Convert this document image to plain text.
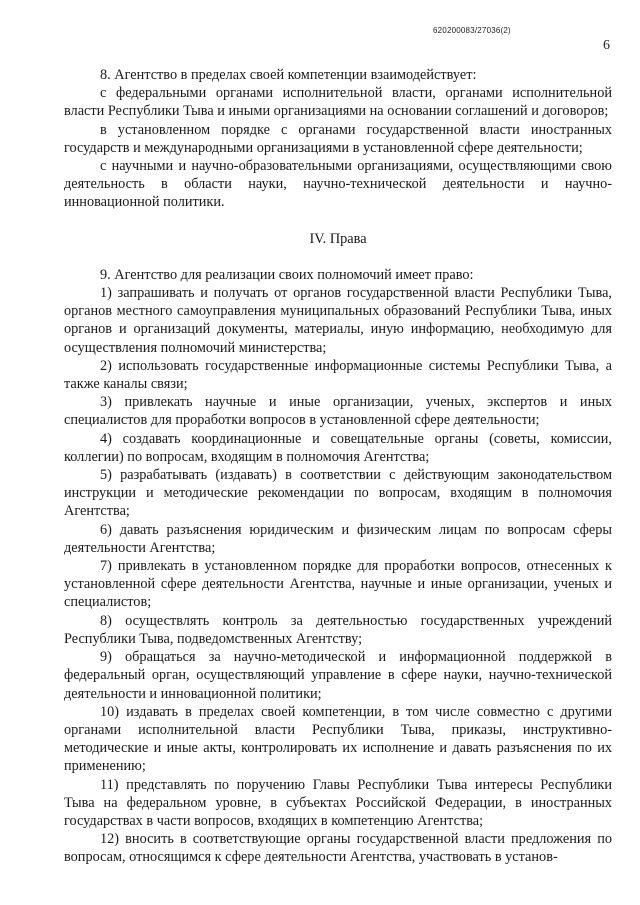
620200083/27036(2)
6

8. Агентство в пределах своей компетенции взаимодействует:

с федеральными органами исполнительной власти, органами исполнительной власти Республики Тыва и иными организациями на основании соглашений и договоров;

в установленном порядке с органами государственной власти иностранных государств и международными организациями в установленной сфере деятельности;

с научными и научно-образовательными организациями, осуществляющими свою деятельность в области науки, научно-технической деятельности и научно-инновационной политики.

IV. Права

9. Агентство для реализации своих полномочий имеет право:

1) запрашивать и получать от органов государственной власти Республики Тыва, органов местного самоуправления муниципальных образований Республики Тыва, иных органов и организаций документы, материалы, иную информацию, необходимую для осуществления полномочий министерства;

2) использовать государственные информационные системы Республики Тыва, а также каналы связи;

3) привлекать научные и иные организации, ученых, экспертов и иных специалистов для проработки вопросов в установленной сфере деятельности;

4) создавать координационные и совещательные органы (советы, комиссии, коллегии) по вопросам, входящим в полномочия Агентства;

5) разрабатывать (издавать) в соответствии с действующим законодательством инструкции и методические рекомендации по вопросам, входящим в полномочия Агентства;

6) давать разъяснения юридическим и физическим лицам по вопросам сферы деятельности Агентства;

7) привлекать в установленном порядке для проработки вопросов, отнесенных к установленной сфере деятельности Агентства, научные и иные организации, ученых и специалистов;

8) осуществлять контроль за деятельностью государственных учреждений Республики Тыва, подведомственных Агентству;

9) обращаться за научно-методической и информационной поддержкой в федеральный орган, осуществляющий управление в сфере науки, научно-технической деятельности и инновационной политики;

10) издавать в пределах своей компетенции, в том числе совместно с другими органами исполнительной власти Республики Тыва, приказы, инструктивно-методические и иные акты, контролировать их исполнение и давать разъяснения по их применению;

11) представлять по поручению Главы Республики Тыва интересы Республики Тыва на федеральном уровне, в субъектах Российской Федерации, в иностранных государствах в части вопросов, входящих в компетенцию Агентства;

12) вносить в соответствующие органы государственной власти предложения по вопросам, относящимся к сфере деятельности Агентства, участвовать в установ-
